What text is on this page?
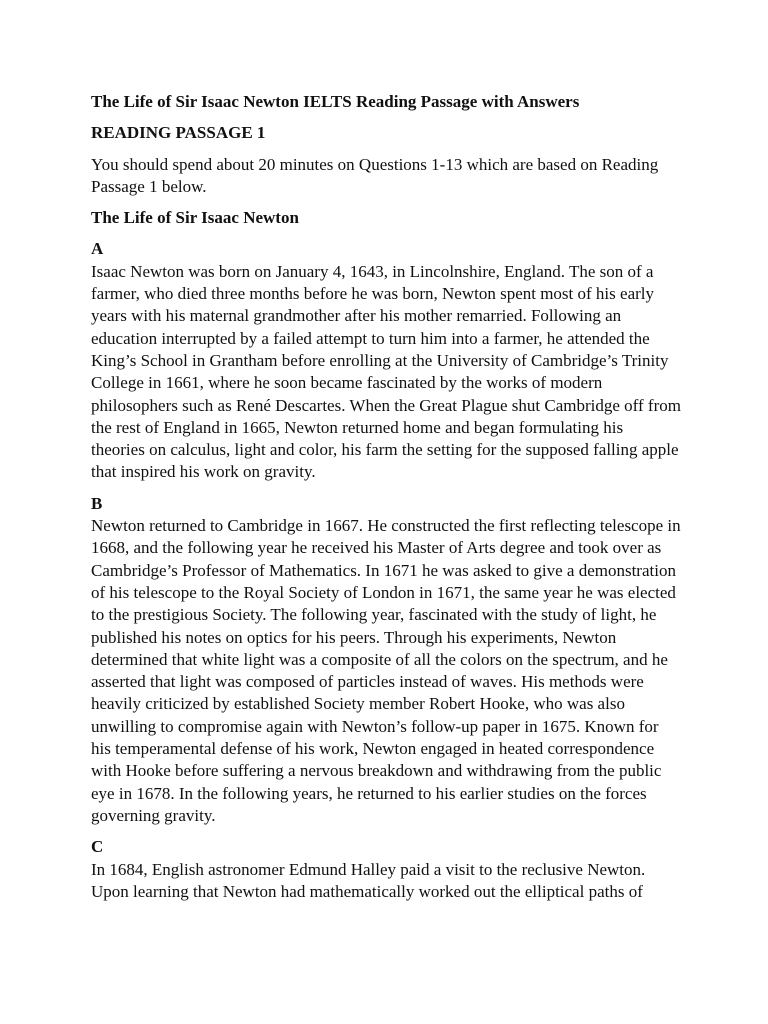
The Life of Sir Isaac Newton IELTS Reading Passage with Answers

READING PASSAGE 1

You should spend about 20 minutes on Questions 1-13 which are based on Reading Passage 1 below.

The Life of Sir Isaac Newton

A
Isaac Newton was born on January 4, 1643, in Lincolnshire, England. The son of a farmer, who died three months before he was born, Newton spent most of his early years with his maternal grandmother after his mother remarried. Following an education interrupted by a failed attempt to turn him into a farmer, he attended the King’s School in Grantham before enrolling at the University of Cambridge’s Trinity College in 1661, where he soon became fascinated by the works of modern philosophers such as René Descartes. When the Great Plague shut Cambridge off from the rest of England in 1665, Newton returned home and began formulating his theories on calculus, light and color, his farm the setting for the supposed falling apple that inspired his work on gravity.
B
Newton returned to Cambridge in 1667. He constructed the first reflecting telescope in 1668, and the following year he received his Master of Arts degree and took over as Cambridge’s Professor of Mathematics. In 1671 he was asked to give a demonstration of his telescope to the Royal Society of London in 1671, the same year he was elected to the prestigious Society. The following year, fascinated with the study of light, he published his notes on optics for his peers. Through his experiments, Newton determined that white light was a composite of all the colors on the spectrum, and he asserted that light was composed of particles instead of waves. His methods were heavily criticized by established Society member Robert Hooke, who was also unwilling to compromise again with Newton’s follow-up paper in 1675. Known for his temperamental defense of his work, Newton engaged in heated correspondence with Hooke before suffering a nervous breakdown and withdrawing from the public eye in 1678. In the following years, he returned to his earlier studies on the forces governing gravity.
C
In 1684, English astronomer Edmund Halley paid a visit to the reclusive Newton. Upon learning that Newton had mathematically worked out the elliptical paths of
